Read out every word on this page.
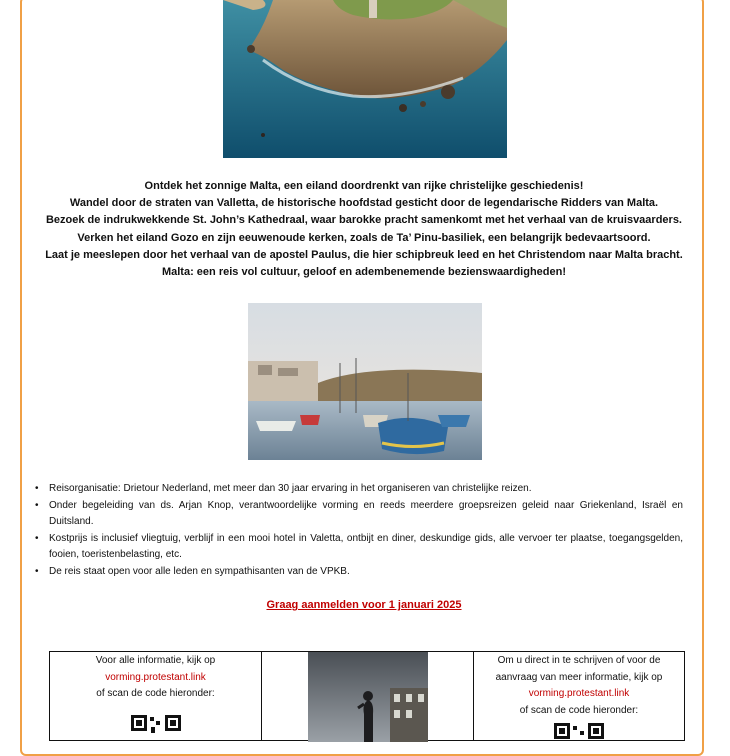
Ontdek het zonnige Malta, een eiland doordrenkt van rijke christelijke geschiedenis!
Wandel door de straten van Valletta, de historische hoofdstad gesticht door de legendarische Ridders van Malta.
Bezoek de indrukwekkende St. John’s Kathedraal, waar barokke pracht samenkomt met het verhaal van de kruisvaarders.
Verken het eiland Gozo en zijn eeuwenoude kerken, zoals de Ta’ Pinu-basiliek, een belangrijk bedevaartsoord.
Laat je meeslepen door het verhaal van de apostel Paulus, die hier schipbreuk leed en het Christendom naar Malta bracht.
Malta: een reis vol cultuur, geloof en adembenemende bezienswaardigheden!
• Reisorganisatie: Drietour Nederland, met meer dan 30 jaar ervaring in het organiseren van christelijke reizen.
• Onder begeleiding van ds. Arjan Knop, verantwoordelijke vorming en reeds meerdere groepsreizen geleid naar Griekenland, Israël en Duitsland.
• Kostprijs is inclusief vliegtuig, verblijf in een mooi hotel in Valetta, ontbijt en diner, deskundige gids, alle vervoer ter plaatse, toegangsgelden, fooien, toeristenbelasting, etc.
• De reis staat open voor alle leden en sympathisanten van de VPKB.
Graag aanmelden voor 1 januari 2025
Voor alle informatie, kijk op
vorming.protestant.link
of scan de code hieronder:
Om u direct in te schrijven of voor de
aanvraag van meer informatie, kijk op
vorming.protestant.link
of scan de code hieronder:
